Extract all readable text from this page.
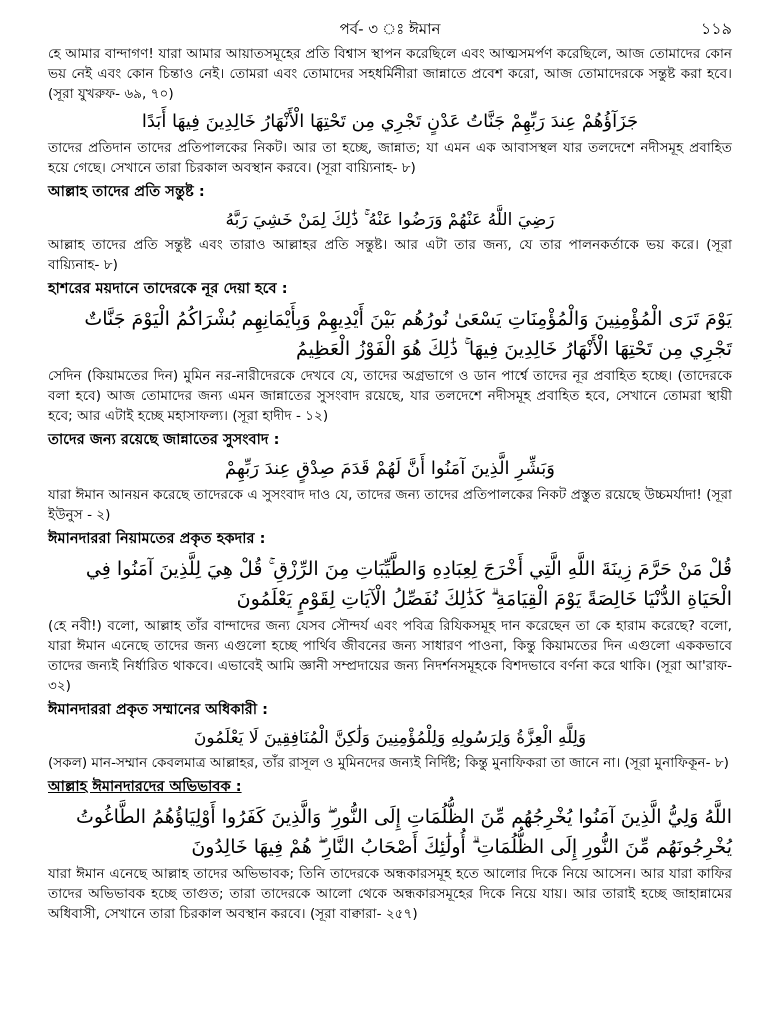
পর্ব- ৩ ঃ ঈমান	১১৯

হে আমার বান্দাগণ! যারা আমার আয়াতসমূহের প্রতি বিশ্বাস স্থাপন করেছিলে এবং আত্মসমর্পণ করেছিলে, আজ তোমাদের কোন ভয় নেই এবং কোন চিন্তাও নেই। তোমরা এবং তোমাদের সহধর্মিনীরা জান্নাতে প্রবেশ করো, আজ তোমাদেরকে সন্তুষ্ট করা হবে। (সূরা যুখরুফ- ৬৯, ৭০)

جَزَآؤُهُمْ عِندَ رَبِّهِمْ جَنَّاتُ عَدْنٍ تَجْرِي مِن تَحْتِهَا الْأَنْهَارُ خَالِدِينَ فِيهَا أَبَدًا

তাদের প্রতিদান তাদের প্রতিপালকের নিকট। আর তা হচ্ছে, জান্নাত; যা এমন এক আবাসস্থল যার তলদেশে নদীসমূহ প্রবাহিত হয়ে গেছে। সেখানে তারা চিরকাল অবস্থান করবে। (সূরা বায়্যিনাহ- ৮)

আল্লাহ তাদের প্রতি সন্তুষ্ট :

رَضِيَ اللَّهُ عَنْهُمْ وَرَضُوا عَنْهُ ۚ ذَٰلِكَ لِمَنْ خَشِيَ رَبَّهُ

আল্লাহ তাদের প্রতি সন্তুষ্ট এবং তারাও আল্লাহর প্রতি সন্তুষ্ট। আর এটা তার জন্য, যে তার পালনকর্তাকে ভয় করে। (সূরা বায়্যিনাহ- ৮)

হাশরের ময়দানে তাদেরকে নূর দেয়া হবে :

يَوْمَ تَرَى الْمُؤْمِنِينَ وَالْمُؤْمِنَاتِ يَسْعَىٰ نُورُهُم بَيْنَ أَيْدِيهِمْ وَبِأَيْمَانِهِم بُشْرَاكُمُ الْيَوْمَ جَنَّاتٌ تَجْرِي مِن تَحْتِهَا الْأَنْهَارُ خَالِدِينَ فِيهَا ۚ ذَٰلِكَ هُوَ الْفَوْزُ الْعَظِيمُ

সেদিন (কিয়ামতের দিন) মুমিন নর-নারীদেরকে দেখবে যে, তাদের অগ্রভাগে ও ডান পার্শ্বে তাদের নূর প্রবাহিত হচ্ছে। (তাদেরকে বলা হবে) আজ তোমাদের জন্য এমন জান্নাতের সুসংবাদ রয়েছে, যার তলদেশে নদীসমূহ প্রবাহিত হবে, সেখানে তোমরা স্থায়ী হবে; আর এটাই হচ্ছে মহাসাফল্য। (সূরা হাদীদ - ১২)

তাদের জন্য রয়েছে জান্নাতের সুসংবাদ :

وَبَشِّرِ الَّذِينَ آمَنُوا أَنَّ لَهُمْ قَدَمَ صِدْقٍ عِندَ رَبِّهِمْ

যারা ঈমান আনয়ন করেছে তাদেরকে এ সুসংবাদ দাও যে, তাদের জন্য তাদের প্রতিপালকের নিকট প্রস্তুত রয়েছে উচ্চমর্যাদা! (সূরা ইউনুস - ২)

ঈমানদাররা নিয়ামতের প্রকৃত হকদার :

قُلْ مَنْ حَرَّمَ زِينَةَ اللَّهِ الَّتِي أَخْرَجَ لِعِبَادِهِ وَالطَّيِّبَاتِ مِنَ الرِّزْقِ ۚ قُلْ هِيَ لِلَّذِينَ آمَنُوا فِي الْحَيَاةِ الدُّنْيَا خَالِصَةً يَوْمَ الْقِيَامَةِ ۗ كَذَٰلِكَ نُفَصِّلُ الْآيَاتِ لِقَوْمٍ يَعْلَمُونَ

(হে নবী!) বলো, আল্লাহ তাঁর বান্দাদের জন্য যেসব সৌন্দর্য এবং পবিত্র রিযিকসমূহ দান করেছেন তা কে হারাম করেছে? বলো, যারা ঈমান এনেছে তাদের জন্য এগুলো হচ্ছে পার্থিব জীবনের জন্য সাধারণ পাওনা, কিন্তু কিয়ামতের দিন এগুলো এককভাবে তাদের জন্যই নির্ধারিত থাকবে। এভাবেই আমি জ্ঞানী সম্প্রদায়ের জন্য নিদর্শনসমূহকে বিশদভাবে বর্ণনা করে থাকি। (সূরা আ'রাফ- ৩২)

ঈমানদাররা প্রকৃত সম্মানের অধিকারী :

وَلِلَّهِ الْعِزَّةُ وَلِرَسُولِهِ وَلِلْمُؤْمِنِينَ وَلَٰكِنَّ الْمُنَافِقِينَ لَا يَعْلَمُونَ

(সকল) মান-সম্মান কেবলমাত্র আল্লাহর, তাঁর রাসূল ও মুমিনদের জন্যই নির্দিষ্ট; কিন্তু মুনাফিকরা তা জানে না। (সূরা মুনাফিকূন- ৮)

আল্লাহ ঈমানদারদের অভিভাবক :

اللَّهُ وَلِيُّ الَّذِينَ آمَنُوا يُخْرِجُهُم مِّنَ الظُّلُمَاتِ إِلَى النُّورِ ۖ وَالَّذِينَ كَفَرُوا أَوْلِيَاؤُهُمُ الطَّاغُوتُ يُخْرِجُونَهُم مِّنَ النُّورِ إِلَى الظُّلُمَاتِ ۗ أُولَٰئِكَ أَصْحَابُ النَّارِ ۖ هُمْ فِيهَا خَالِدُونَ

যারা ঈমান এনেছে আল্লাহ তাদের অভিভাবক; তিনি তাদেরকে অন্ধকারসমূহ হতে আলোর দিকে নিয়ে আসেন। আর যারা কাফির তাদের অভিভাবক হচ্ছে তাগুত; তারা তাদেরকে আলো থেকে অন্ধকারসমূহের দিকে নিয়ে যায়। আর তারাই হচ্ছে জাহান্নামের অধিবাসী, সেখানে তারা চিরকাল অবস্থান করবে। (সূরা বাক্বারা- ২৫৭)
